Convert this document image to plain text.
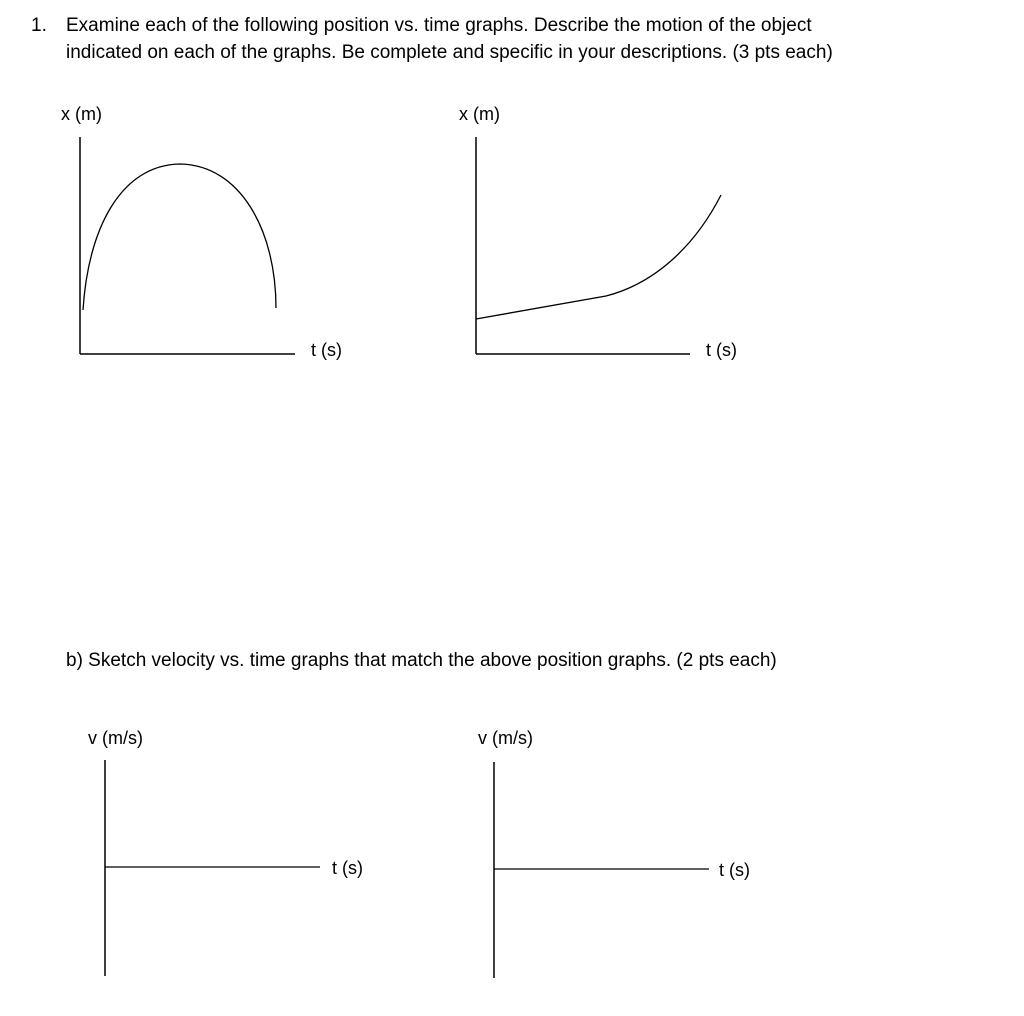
1. Examine each of the following position vs. time graphs. Describe the motion of the object
indicated on each of the graphs. Be complete and specific in your descriptions. (3 pts each)
x (m)
t (s)
x (m)
t (s)
b) Sketch velocity vs. time graphs that match the above position graphs. (2 pts each)
v (m/s)
t (s)
v (m/s)
t (s)
